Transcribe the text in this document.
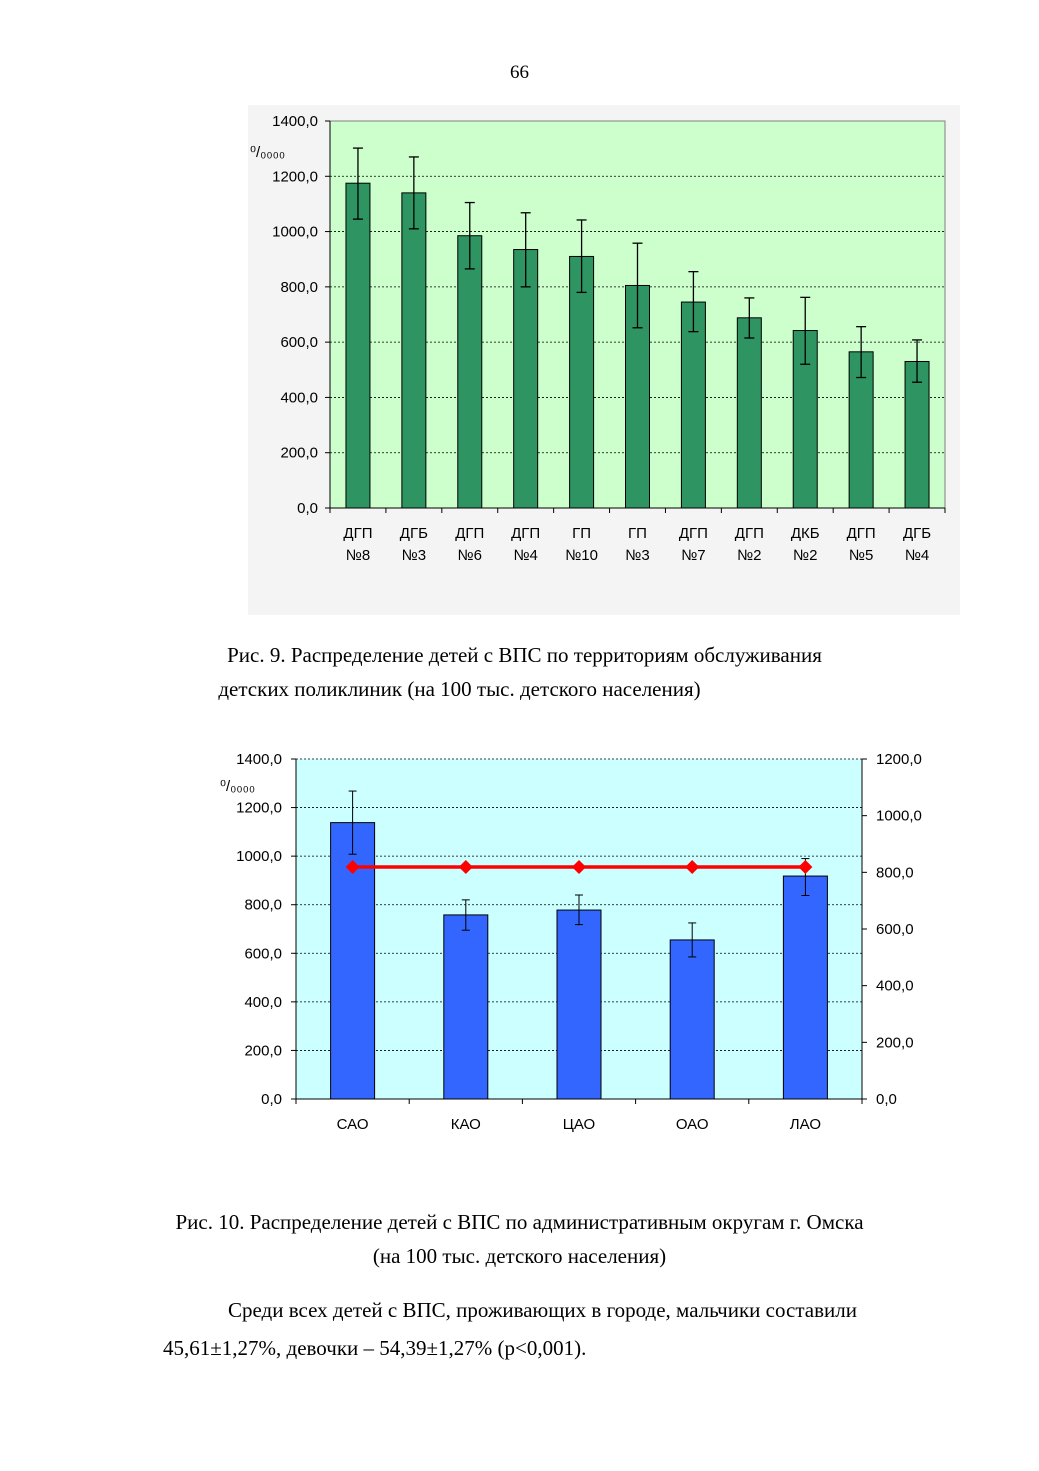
66
1400,0
1200,0
1000,0
800,0
600,0
400,0
200,0
0,0
ДГП
№8
ДГБ
№3
ДГП
№6
ДГП
№4
ГП
№10
ГП
№3
ДГП
№7
ДГП
№2
ДКБ
№2
ДГП
№5
ДГБ
№4
⁰/₀₀₀₀
Рис. 9. Распределение детей с ВПС по территориям обслуживания
детских поликлиник (на 100 тыс. детского населения)
1400,0
1200,0
1000,0
800,0
600,0
400,0
200,0
0,0
1200,0
1000,0
800,0
600,0
400,0
200,0
0,0
САО	КАО	ЦАО	ОАО	ЛАО
⁰/₀₀₀₀
Рис. 10. Распределение детей с ВПС по административным округам г. Омска
(на 100 тыс. детского населения)
Среди всех детей с ВПС, проживающих в городе, мальчики составили
45,61±1,27%, девочки – 54,39±1,27% (р<0,001).
